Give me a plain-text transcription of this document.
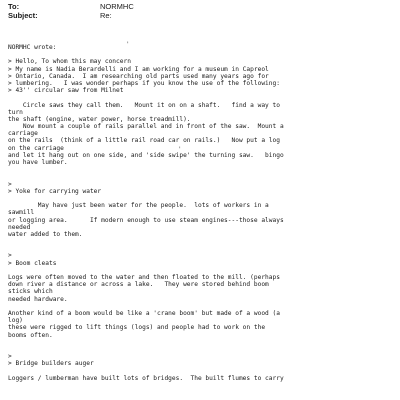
To:	NORMHC
Subject:	Re:
'
'
NORMHC wrote:
> Hello, To whom this may concern
> My name is Nadia Berardelli and I am working for a museum in Capreol
> Ontario, Canada.  I am researching old parts used many years ago for
> lumbering.   I was wonder perhaps if you know the use of the following:
> 43'' circular saw from Milnet
Circle saws they call them.   Mount it on on a shaft.   find a way to
turn
the shaft (engine, water power, horse treadmill).
Now mount a couple of rails parallel and in front of the saw.  Mount a
carriage
on the rails  (think of a little rail road car on rails.)   Now put a log
on the carriage
and let it hang out on one side, and 'side swipe' the turning saw.   bingo
you have lumber.
>
> Yoke for carrying water
May have just been water for the people.  lots of workers in a
sawmill
or logging area.      If modern enough to use steam engines---those always
needed
water added to them.
>
> Boom cleats
Logs were often moved to the water and then floated to the mill. (perhaps
down river a distance or across a lake.   They were stored behind boom
sticks which
needed hardware.
Another kind of a boom would be like a 'crane boom' but made of a wood (a
log)
these were rigged to lift things (logs) and people had to work on the
booms often.
>
> Bridge builders auger
Loggers / lumberman have built lots of bridges.  The built flumes to carry
